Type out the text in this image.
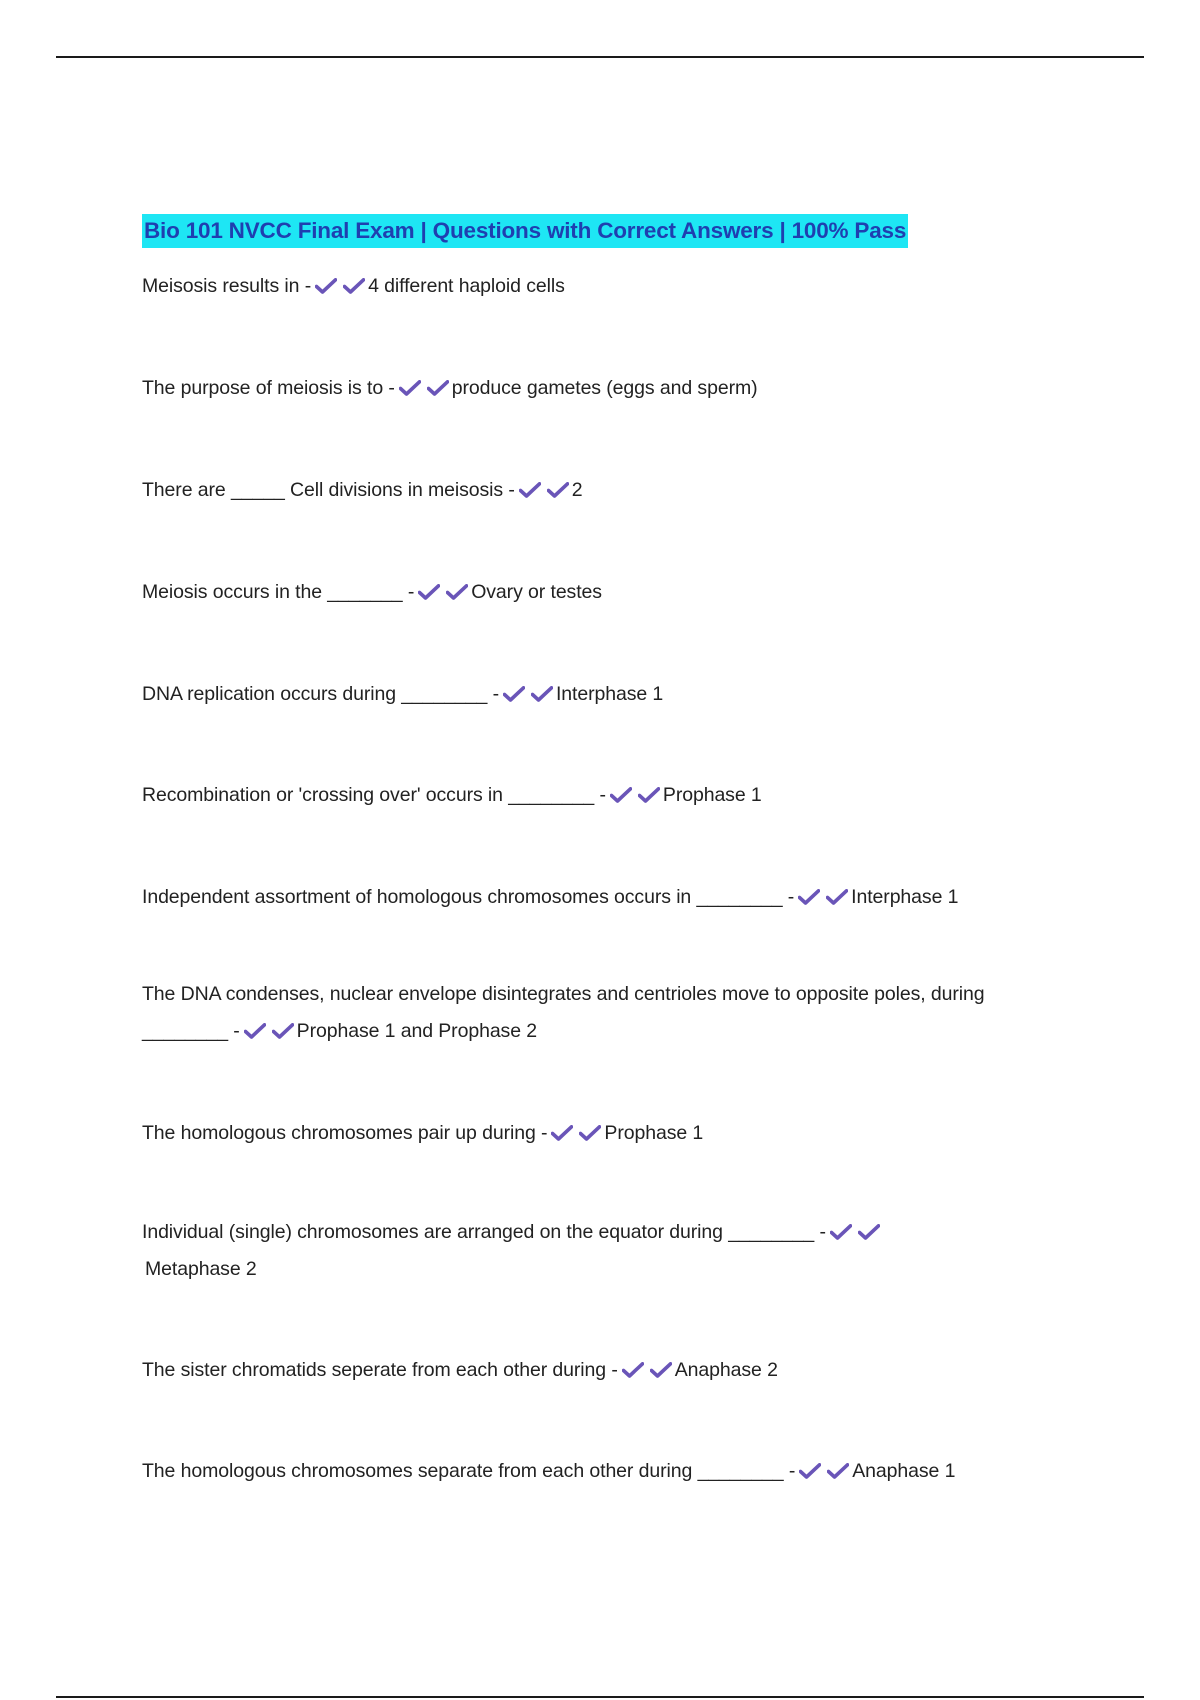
Bio 101 NVCC Final Exam | Questions with Correct Answers | 100% Pass
Meisosis results in -	4 different haploid cells
The purpose of meiosis is to -	produce gametes (eggs and sperm)
There are _____ Cell divisions in meisosis -	2
Meiosis occurs in the _______ -	Ovary or testes
DNA replication occurs during ________ -	Interphase 1
Recombination or 'crossing over' occurs in ________ -	Prophase 1
Independent assortment of homologous chromosomes occurs in ________ -	Interphase 1
The DNA condenses, nuclear envelope disintegrates and centrioles move to opposite poles, during ________ -	Prophase 1 and Prophase 2
The homologous chromosomes pair up during -	Prophase 1
Individual (single) chromosomes are arranged on the equator during ________ -Metaphase 2
The sister chromatids seperate from each other during -	Anaphase 2
The homologous chromosomes separate from each other during ________ -	Anaphase 1
